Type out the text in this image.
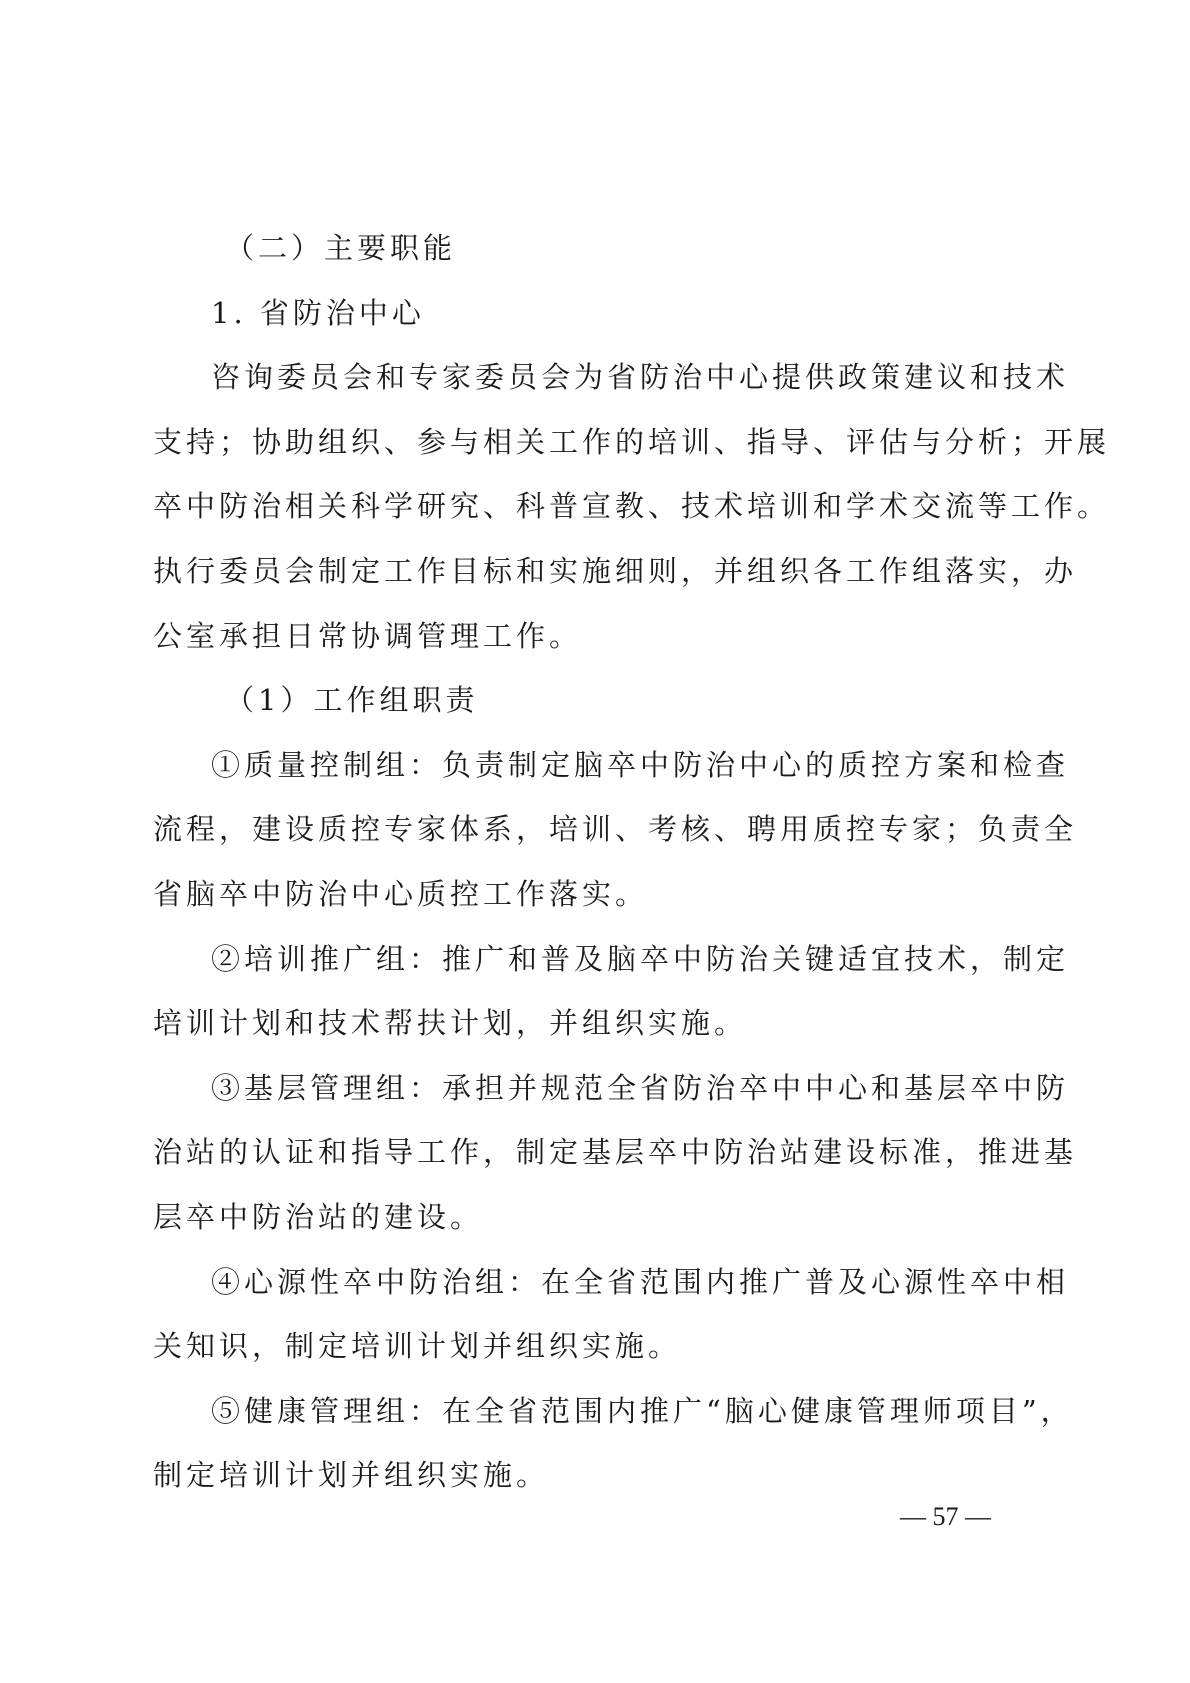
（二）主要职能
1. 省防治中心
咨询委员会和专家委员会为省防治中心提供政策建议和技术
支持；协助组织、参与相关工作的培训、指导、评估与分析；开展
卒中防治相关科学研究、科普宣教、技术培训和学术交流等工作。
执行委员会制定工作目标和实施细则，并组织各工作组落实，办
公室承担日常协调管理工作。
（1）工作组职责
①质量控制组：负责制定脑卒中防治中心的质控方案和检查
流程，建设质控专家体系，培训、考核、聘用质控专家；负责全
省脑卒中防治中心质控工作落实。
②培训推广组：推广和普及脑卒中防治关键适宜技术，制定
培训计划和技术帮扶计划，并组织实施。
③基层管理组：承担并规范全省防治卒中中心和基层卒中防
治站的认证和指导工作，制定基层卒中防治站建设标准，推进基
层卒中防治站的建设。
④心源性卒中防治组：在全省范围内推广普及心源性卒中相
关知识，制定培训计划并组织实施。
⑤健康管理组：在全省范围内推广“脑心健康管理师项目”，
制定培训计划并组织实施。
— 57 —
